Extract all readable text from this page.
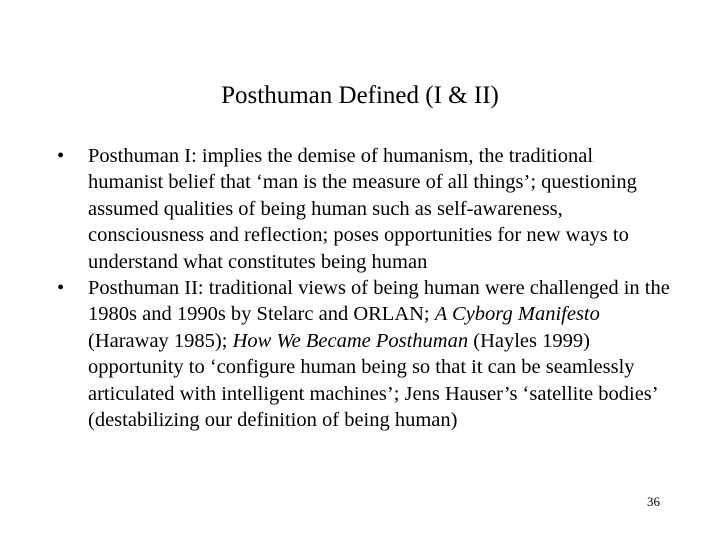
Posthuman Defined (I & II)
•	Posthuman I: implies the demise of humanism, the traditional humanist belief that ‘man is the measure of all things’; questioning assumed qualities of being human such as self-awareness, consciousness and reflection; poses opportunities for new ways to understand what constitutes being human
•	Posthuman II: traditional views of being human were challenged in the 1980s and 1990s by Stelarc and ORLAN; A Cyborg Manifesto (Haraway 1985); How We Became Posthuman (Hayles 1999) opportunity to ‘configure human being so that it can be seamlessly articulated with intelligent machines’; Jens Hauser’s ‘satellite bodies’ (destabilizing our definition of being human)
36
